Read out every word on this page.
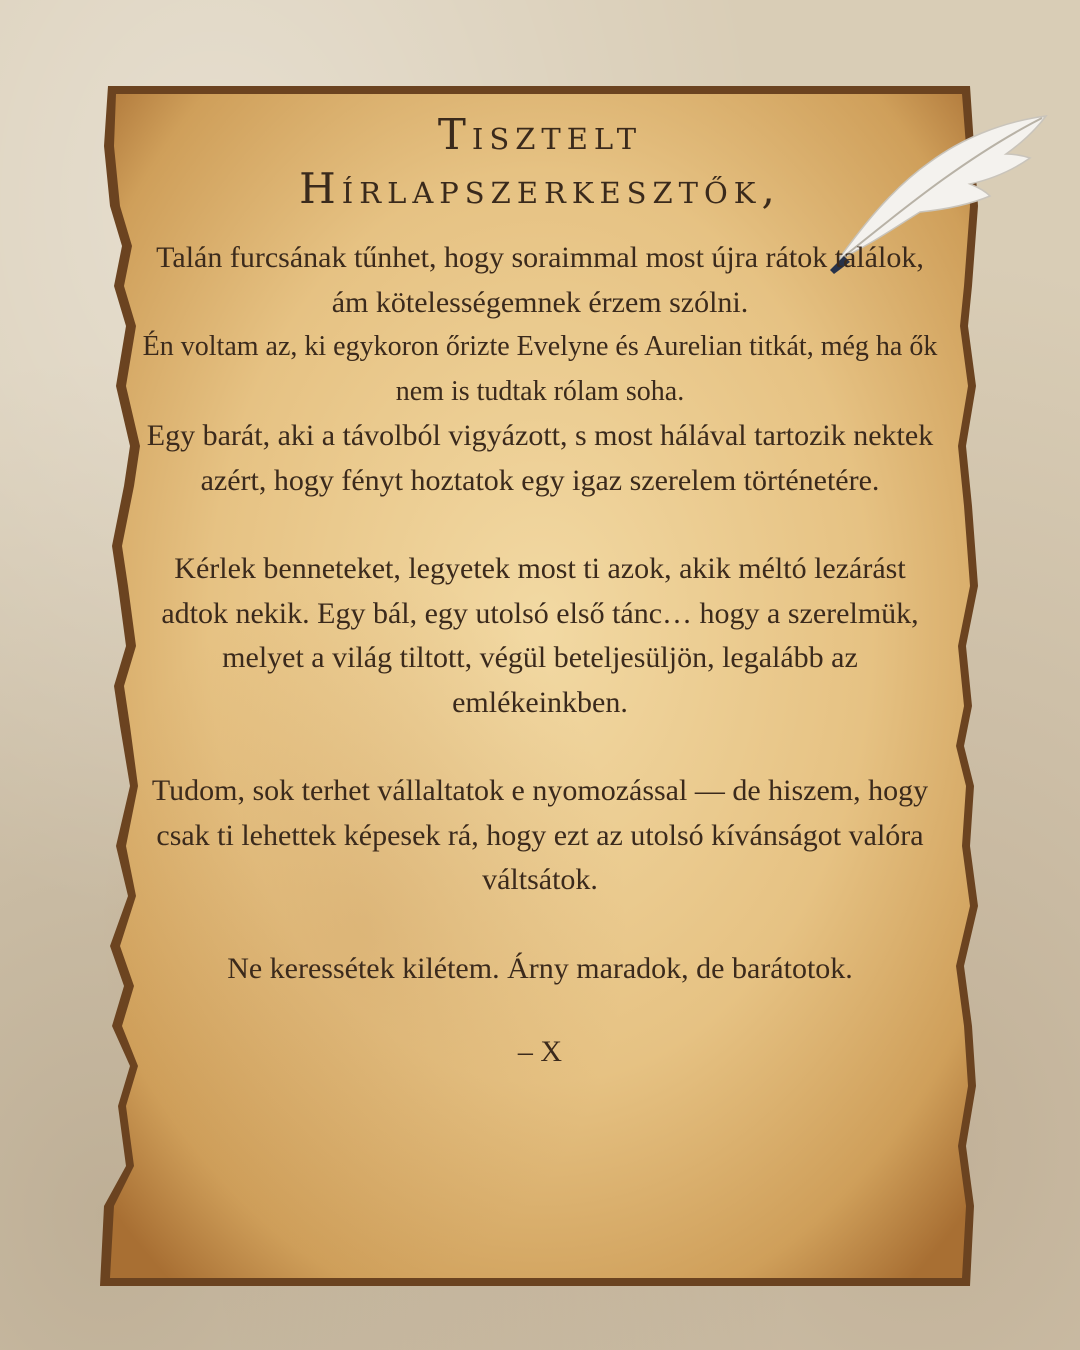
Tisztelt
Hírlapszerkesztők,

Talán furcsának tűnhet, hogy soraimmal most újra rátok találok, ám kötelességemnek érzem szólni.

Én voltam az, ki egykoron őrizte Evelyne és Aurelian titkát, még ha ők nem is tudtak rólam soha.

Egy barát, aki a távolból vigyázott, s most hálával tartozik nektek azért, hogy fényt hoztatok egy igaz szerelem történetére.

Kérlek benneteket, legyetek most ti azok, akik méltó lezárást adtok nekik. Egy bál, egy utolsó első tánc… hogy a szerelmük, melyet a világ tiltott, végül beteljesüljön, legalább az emlékeinkben.

Tudom, sok terhet vállaltatok e nyomozással — de hiszem, hogy csak ti lehettek képesek rá, hogy ezt az utolsó kívánságot valóra váltsátok.

Ne keressétek kilétem. Árny maradok, de barátotok.

– X
